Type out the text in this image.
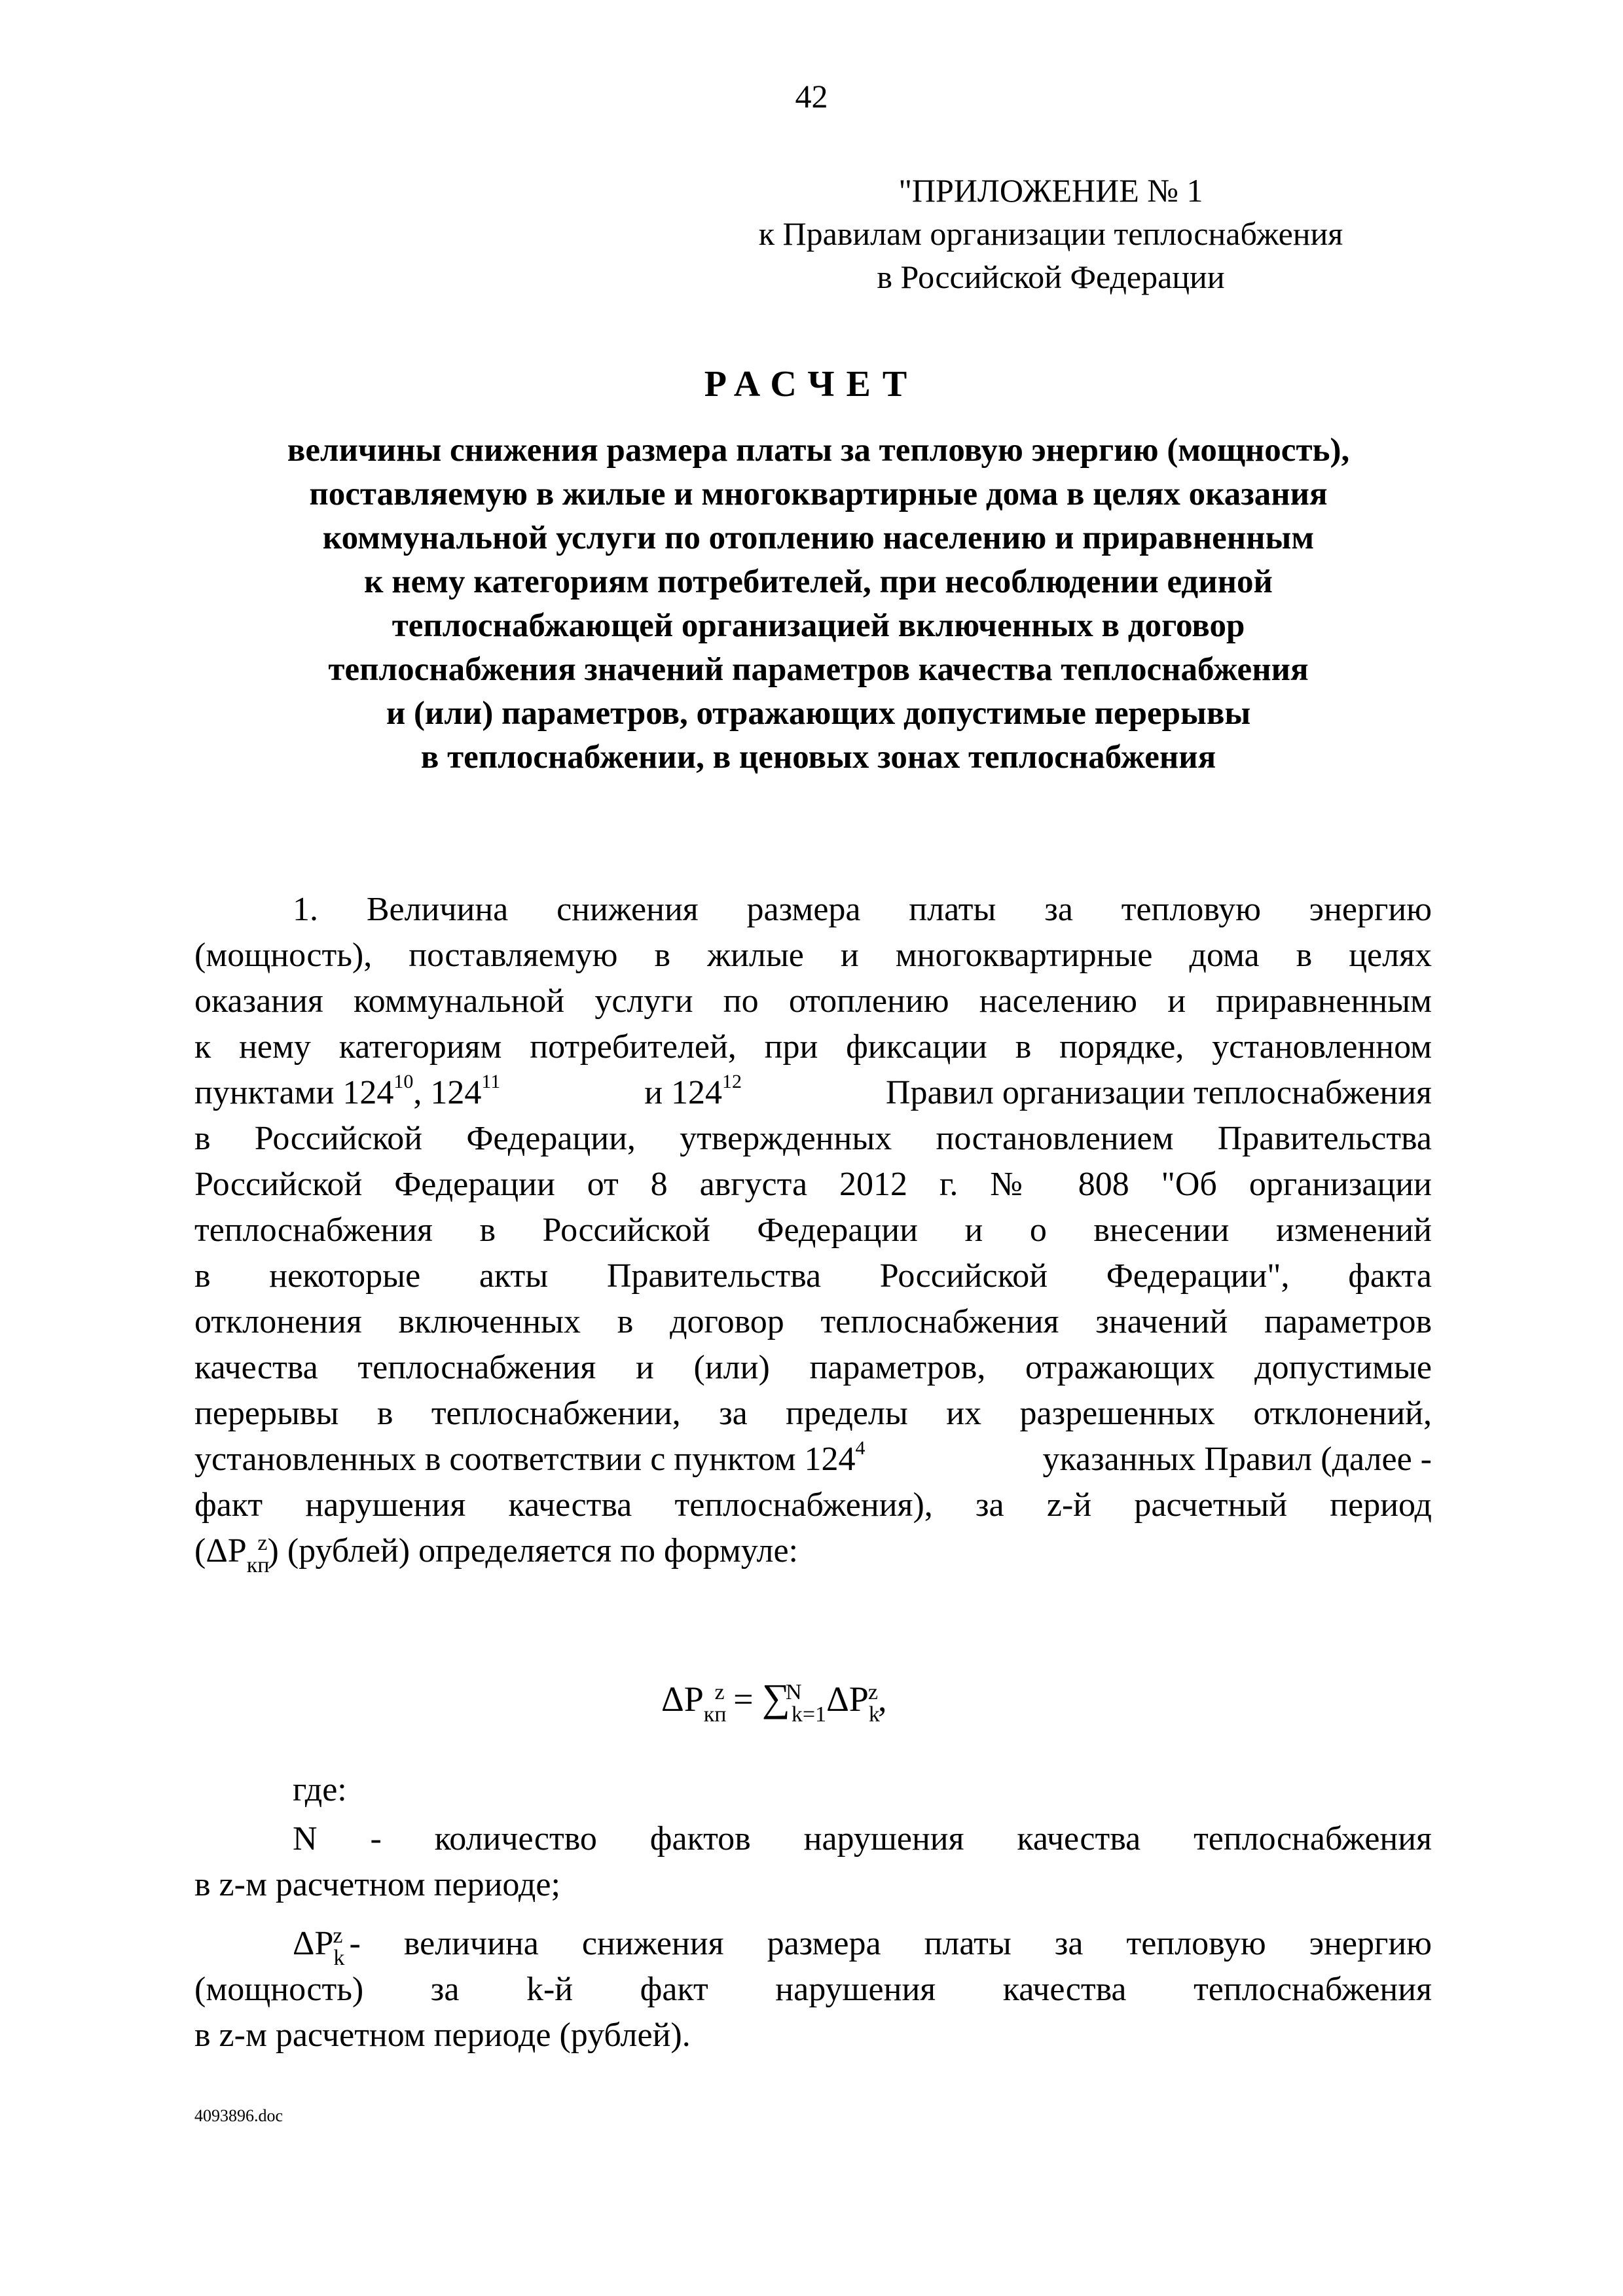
42
"ПРИЛОЖЕНИЕ № 1
к Правилам организации теплоснабжения
в Российской Федерации
РАСЧЕТ
величины снижения размера платы за тепловую энергию (мощность),
поставляемую в жилые и многоквартирные дома в целях оказания
коммунальной услуги по отоплению населению и приравненным
к нему категориям потребителей, при несоблюдении единой
теплоснабжающей организацией включенных в договор
теплоснабжения значений параметров качества теплоснабжения
и (или) параметров, отражающих допустимые перерывы
в теплоснабжении, в ценовых зонах теплоснабжения
1. Величина снижения размера платы за тепловую энергию
(мощность), поставляемую в жилые и многоквартирные дома в целях
оказания коммунальной услуги по отоплению населению и приравненным
к нему категориям потребителей, при фиксации в порядке, установленном
пунктами $124^{10}$, $124^{11}$	и $124^{12}$	Правил организации теплоснабжения
в Российской Федерации, утвержденных постановлением Правительства
Российской Федерации от 8 августа 2012 г. № 808 "Об организации
теплоснабжения в Российской Федерации и о внесении изменений
в некоторые акты Правительства Российской Федерации", факта
отклонения включенных в договор теплоснабжения значений параметров
качества теплоснабжения и (или) параметров, отражающих допустимые
перерывы в теплоснабжении, за пределы их разрешенных отклонений,
установленных в соответствии с пунктом $124^4$	указанных Правил (далее -
факт нарушения качества теплоснабжения), за z-й расчетный период
$(\Delta P_{кп}^z)$ (рублей) определяется по формуле:
$\Delta P_{кп}^z = \sum_{k=1}^N$ $\Delta P_k^z$,
где:
N - количество фактов нарушения качества теплоснабжения
в z-м расчетном периоде;
$\Delta P_k^z$ - величина снижения размера платы за тепловую энергию
(мощность) за k-й факт нарушения качества теплоснабжения
в z-м расчетном периоде (рублей).
4093896.doc
